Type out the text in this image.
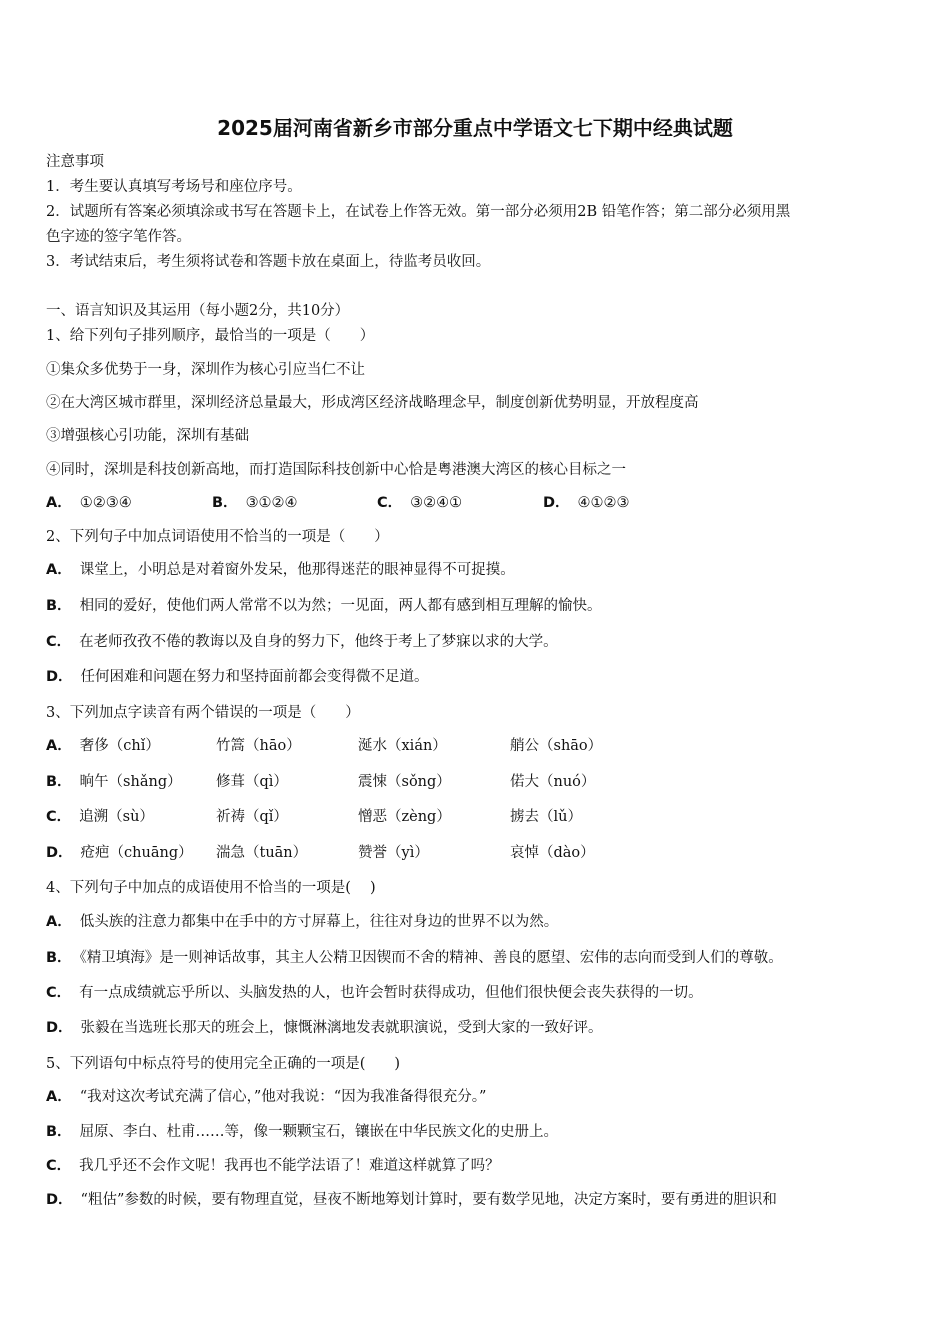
2025届河南省新乡市部分重点中学语文七下期中经典试题
注意事项
1．考生要认真填写考场号和座位序号。
2．试题所有答案必须填涂或书写在答题卡上，在试卷上作答无效。第一部分必须用2B 铅笔作答；第二部分必须用黑
色字迹的签字笔作答。
3．考试结束后，考生须将试卷和答题卡放在桌面上，待监考员收回。
一、语言知识及其运用（每小题2分，共10分）
1、给下列句子排列顺序，最恰当的一项是（　　）
①集众多优势于一身，深圳作为核心引应当仁不让
②在大湾区城市群里，深圳经济总量最大，形成湾区经济战略理念早，制度创新优势明显，开放程度高
③增强核心引功能，深圳有基础
④同时，深圳是科技创新高地，而打造国际科技创新中心恰是粤港澳大湾区的核心目标之一
A． ①②③④	B． ③①②④	C． ③②④①	D． ④①②③
2、下列句子中加点词语使用不恰当的一项是（　　）
A． 课堂上，小明总是对着窗外发呆，他那得迷茫的眼神显得不可捉摸。
B． 相同的爱好，使他们两人常常不以为然；一见面，两人都有感到相互理解的愉快。
C． 在老师孜孜不倦的教诲以及自身的努力下，他终于考上了梦寐以求的大学。
D． 任何困难和问题在努力和坚持面前都会变得微不足道。
3、下列加点字读音有两个错误的一项是（　　）
A． 奢侈（chǐ）	竹篙（hāo）	涎水（xián）	艄公（shāo）
B． 晌午（shǎng） 修葺（qì）	震悚（sǒng）	偌大（nuó）
C． 追溯（sù）	祈祷（qǐ）	憎恶（zèng）	掳去（lǔ）
D． 疮疤（chuāng） 湍急（tuān）	赞誉（yì）	哀悼（dào）
4、下列句子中加点的成语使用不恰当的一项是(　 )
A． 低头族的注意力都集中在手中的方寸屏幕上，往往对身边的世界不以为然。
B． 《精卫填海》是一则神话故事，其主人公精卫因锲而不舍的精神、善良的愿望、宏伟的志向而受到人们的尊敬。
C． 有一点成绩就忘乎所以、头脑发热的人，也许会暂时获得成功，但他们很快便会丧失获得的一切。
D． 张毅在当选班长那天的班会上，慷慨淋漓地发表就职演说，受到大家的一致好评。
5、下列语句中标点符号的使用完全正确的一项是(　　)
A． “我对这次考试充满了信心，”他对我说：“因为我准备得很充分。”
B． 屈原、李白、杜甫……等，像一颗颗宝石，镶嵌在中华民族文化的史册上。
C． 我几乎还不会作文呢！我再也不能学法语了！难道这样就算了吗？
D． “粗估”参数的时候，要有物理直觉，昼夜不断地筹划计算时，要有数学见地，决定方案时，要有勇进的胆识和
